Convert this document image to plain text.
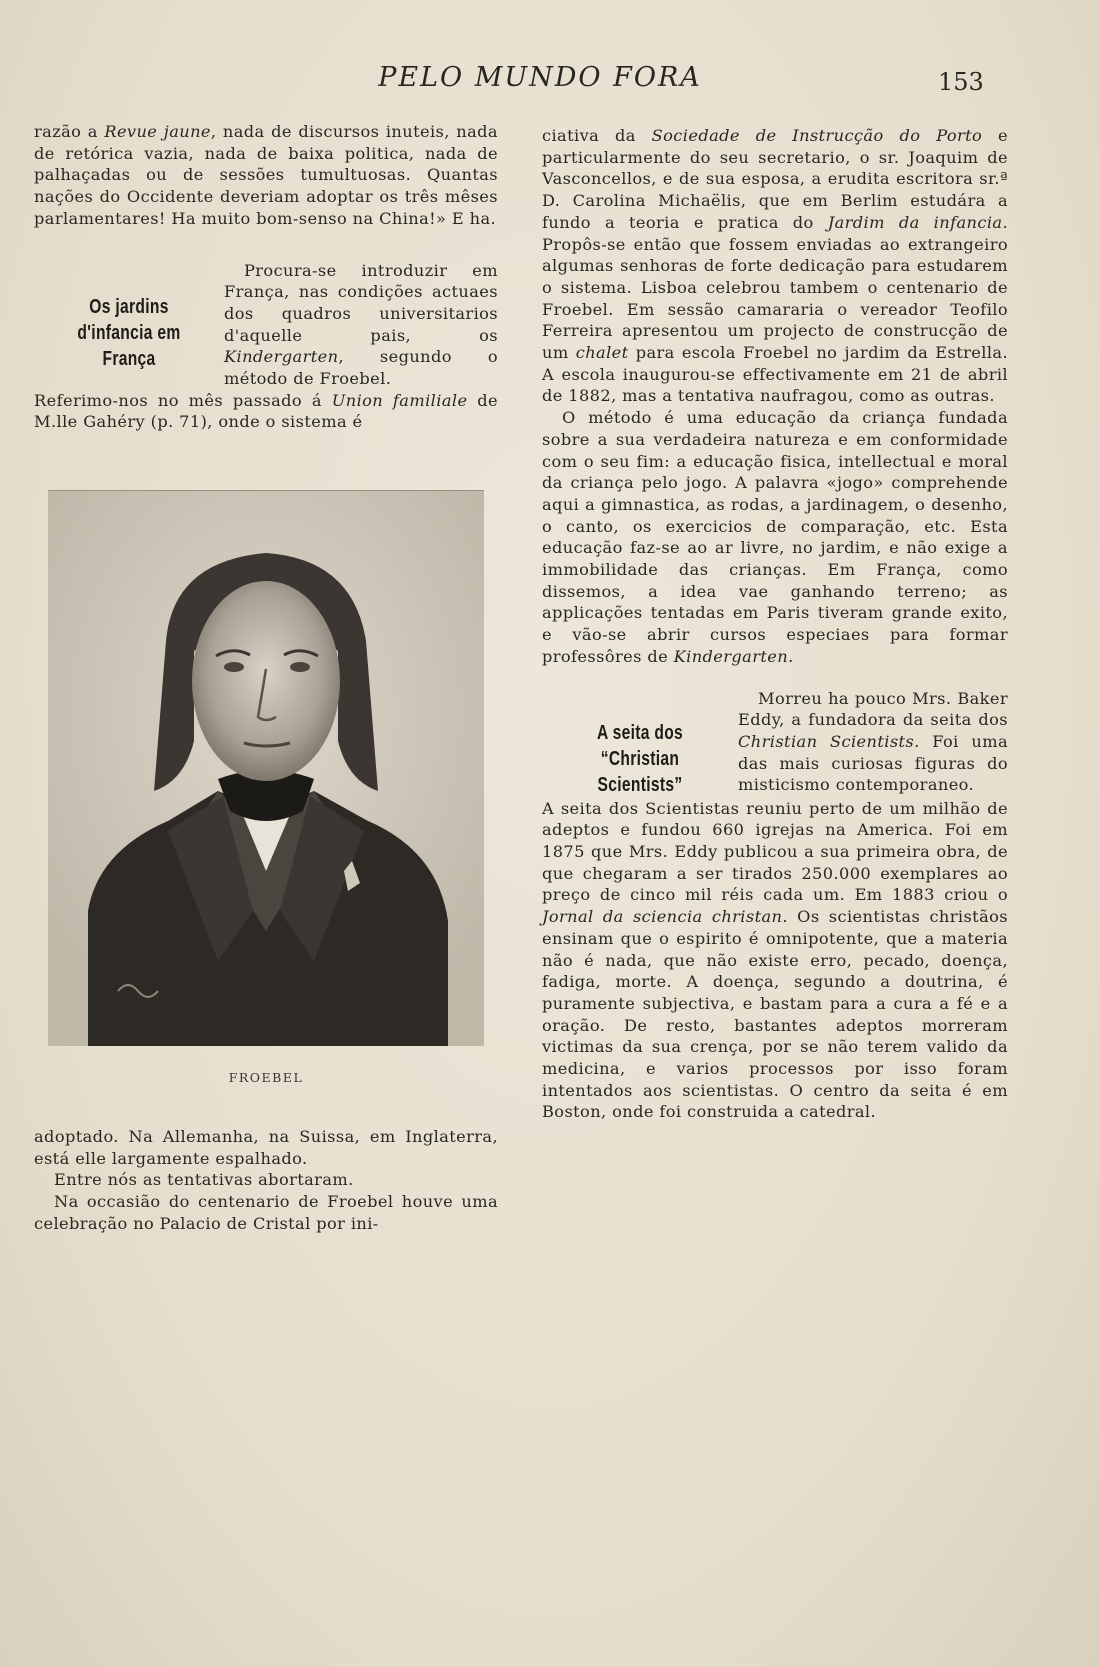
PELO MUNDO FORA	153

razão a Revue jaune, nada de discursos inuteis, nada de retórica vazia, nada de baixa politica, nada de palhaçadas ou de sessões tumultuosas. Quantas nações do Occidente deveriam adoptar os três mêses parlamentares! Ha muito bom-senso na China!» E ha.

Os jardins d'infancia em França

Procura-se introduzir em França, nas condições actuaes dos quadros universitarios d'aquelle pais, os Kindergarten, segundo o método de Froebel.

Referimo-nos no mês passado á Union familiale de M.lle Gahéry (p. 71), onde o sistema é

FROEBEL

adoptado. Na Allemanha, na Suissa, em Inglaterra, está elle largamente espalhado.

Entre nós as tentativas abortaram.

Na occasião do centenario de Froebel houve uma celebração no Palacio de Cristal por ini-

ciativa da Sociedade de Instrucção do Porto e particularmente do seu secretario, o sr. Joaquim de Vasconcellos, e de sua esposa, a erudita escritora sr.ª D. Carolina Michaëlis, que em Berlim estudára a fundo a teoria e pratica do Jardim da infancia. Propôs-se então que fossem enviadas ao extrangeiro algumas senhoras de forte dedicação para estudarem o sistema. Lisboa celebrou tambem o centenario de Froebel. Em sessão camararia o vereador Teofilo Ferreira apresentou um projecto de construcção de um chalet para escola Froebel no jardim da Estrella. A escola inaugurou-se effectivamente em 21 de abril de 1882, mas a tentativa naufragou, como as outras.

O método é uma educação da criança fundada sobre a sua verdadeira natureza e em conformidade com o seu fim: a educação fisica, intellectual e moral da criança pelo jogo. A palavra «jogo» comprehende aqui a gimnastica, as rodas, a jardinagem, o desenho, o canto, os exercicios de comparação, etc. Esta educação faz-se ao ar livre, no jardim, e não exige a immobilidade das crianças. Em França, como dissemos, a idea vae ganhando terreno; as applicações tentadas em Paris tiveram grande exito, e vão-se abrir cursos especiaes para formar professôres de Kindergarten.

A seita dos “Christian Scientists”

Morreu ha pouco Mrs. Baker Eddy, a fundadora da seita dos Christian Scientists. Foi uma das mais curiosas figuras do misticismo contemporaneo.

A seita dos Scientistas reuniu perto de um milhão de adeptos e fundou 660 igrejas na America. Foi em 1875 que Mrs. Eddy publicou a sua primeira obra, de que chegaram a ser tirados 250.000 exemplares ao preço de cinco mil réis cada um. Em 1883 criou o Jornal da sciencia christan. Os scientistas christãos ensinam que o espirito é omnipotente, que a materia não é nada, que não existe erro, pecado, doença, fadiga, morte. A doença, segundo a doutrina, é puramente subjectiva, e bastam para a cura a fé e a oração. De resto, bastantes adeptos morreram victimas da sua crença, por se não terem valido da medicina, e varios processos por isso foram intentados aos scientistas. O centro da seita é em Boston, onde foi construida a catedral.
